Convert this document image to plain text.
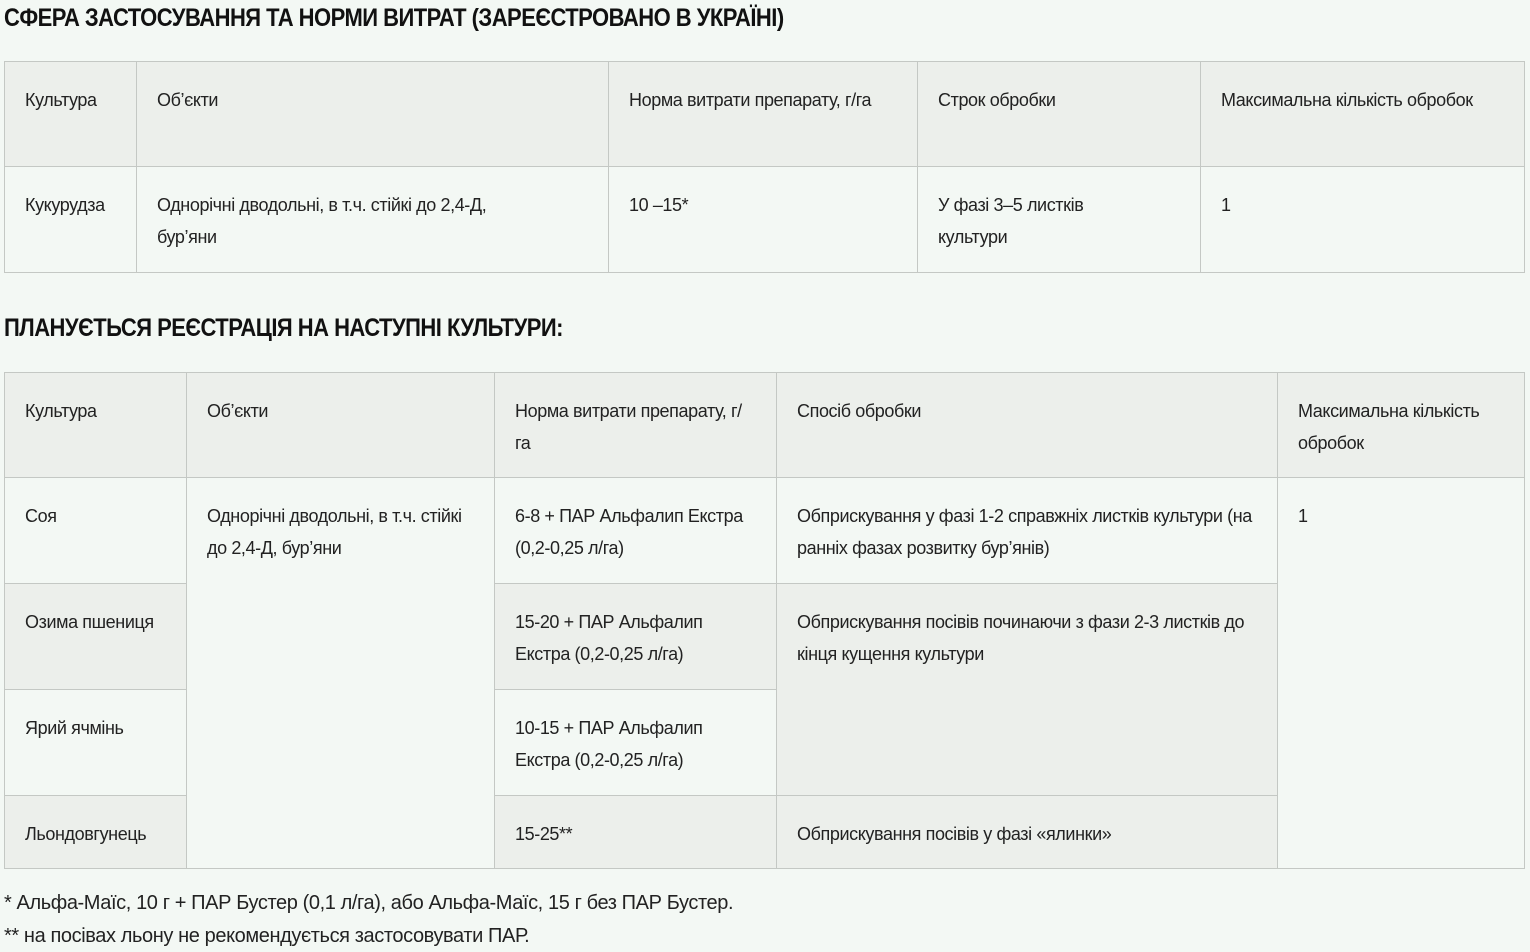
СФЕРА ЗАСТОСУВАННЯ ТА НОРМИ ВИТРАТ (ЗАРЕЄСТРОВАНО В УКРАЇНІ)
Культура	Об’єкти	Норма витрати препарату, г/га	Строк обробки	Максимальна кількість обробок
Кукурудза	Однорічні дводольні, в т.ч. стійкі до 2,4-Д, бур’яни	10 –15*	У фазі 3–5 листків культури	1
ПЛАНУЄТЬСЯ РЕЄСТРАЦІЯ НА НАСТУПНІ КУЛЬТУРИ:
Культура	Об’єкти	Норма витрати препарату, г/га	Спосіб обробки	Максимальна кількість обробок
Соя	Однорічні дводольні, в т.ч. стійкі до 2,4-Д, бур’яни	6-8 + ПАР Альфалип Екстра (0,2-0,25 л/га)	Обприскування у фазі 1-2 справжніх листків культури (на ранніх фазах розвитку бур’янів)	1
Озима пшениця		15-20 + ПАР Альфалип Екстра (0,2-0,25 л/га)	Обприскування посівів починаючи з фази 2-3 листків до кінця кущення культури	
Ярий ячмінь		10-15 + ПАР Альфалип Екстра (0,2-0,25 л/га)		
Льондовгунець		15-25**	Обприскування посівів у фазі «ялинки»	
* Альфа-Маїс, 10 г + ПАР Бустер (0,1 л/га), або Альфа-Маїс, 15 г без ПАР Бустер.
** на посівах льону не рекомендується застосовувати ПАР.
